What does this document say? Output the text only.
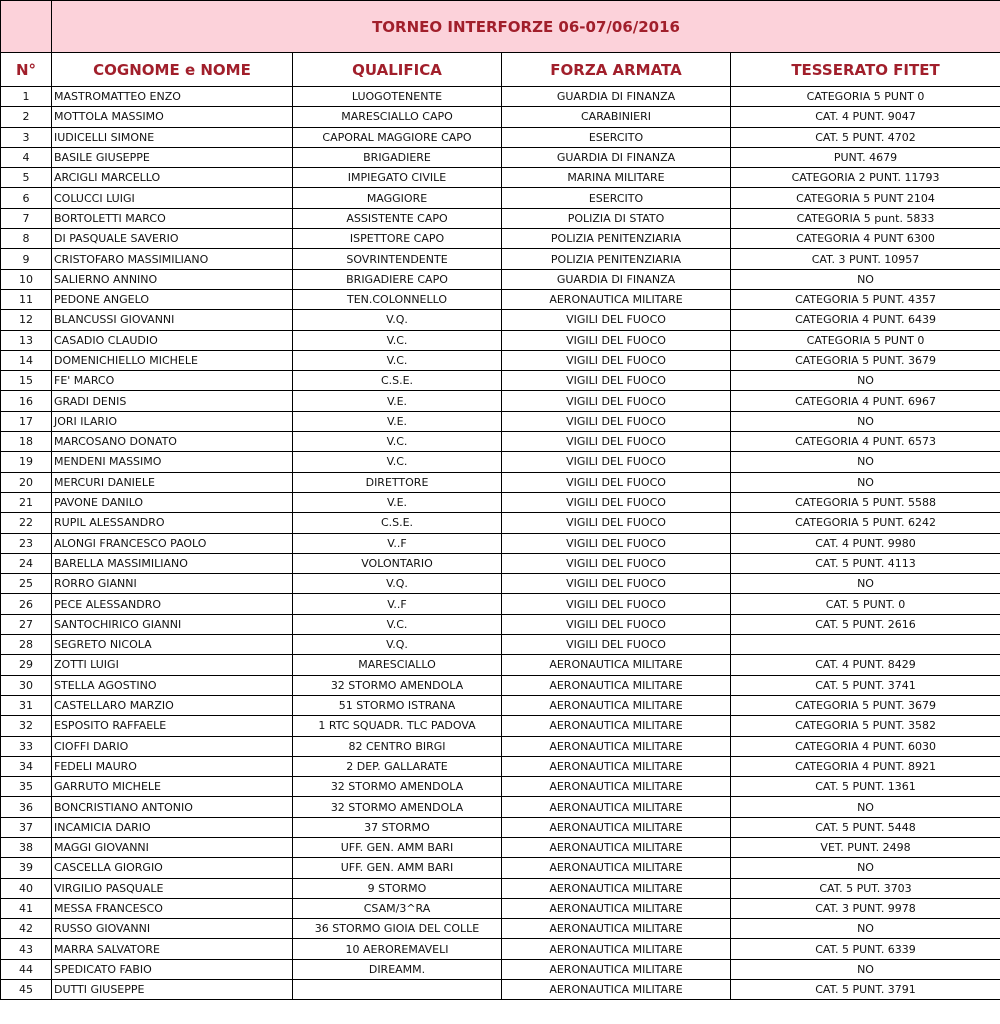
	TORNEO INTERFORZE 06-07/06/2016			
N°	COGNOME e NOME	QUALIFICA	FORZA ARMATA	TESSERATO FITET
1	MASTROMATTEO ENZO	LUOGOTENENTE	GUARDIA DI FINANZA	CATEGORIA 5 PUNT 0
2	MOTTOLA MASSIMO	MARESCIALLO CAPO	CARABINIERI	CAT. 4 PUNT. 9047
3	IUDICELLI SIMONE	CAPORAL MAGGIORE CAPO	ESERCITO	CAT. 5 PUNT. 4702
4	BASILE GIUSEPPE	BRIGADIERE	GUARDIA DI FINANZA	PUNT. 4679
5	ARCIGLI MARCELLO	IMPIEGATO CIVILE	MARINA MILITARE	CATEGORIA 2 PUNT. 11793
6	COLUCCI LUIGI	MAGGIORE	ESERCITO	CATEGORIA 5 PUNT 2104
7	BORTOLETTI MARCO	ASSISTENTE CAPO	POLIZIA DI STATO	CATEGORIA 5 punt. 5833
8	DI PASQUALE SAVERIO	ISPETTORE CAPO	POLIZIA PENITENZIARIA	CATEGORIA 4 PUNT 6300
9	CRISTOFARO MASSIMILIANO	SOVRINTENDENTE	POLIZIA PENITENZIARIA	CAT. 3 PUNT. 10957
10	SALIERNO ANNINO	BRIGADIERE CAPO	GUARDIA DI FINANZA	NO
11	PEDONE ANGELO	TEN.COLONNELLO	AERONAUTICA MILITARE	CATEGORIA 5 PUNT. 4357
12	BLANCUSSI GIOVANNI	V.Q.	VIGILI DEL FUOCO	CATEGORIA 4 PUNT. 6439
13	CASADIO CLAUDIO	V.C.	VIGILI DEL FUOCO	CATEGORIA 5 PUNT 0
14	DOMENICHIELLO MICHELE	V.C.	VIGILI DEL FUOCO	CATEGORIA 5 PUNT. 3679
15	FE' MARCO	C.S.E.	VIGILI DEL FUOCO	NO
16	GRADI DENIS	V.E.	VIGILI DEL FUOCO	CATEGORIA 4 PUNT. 6967
17	JORI ILARIO	V.E.	VIGILI DEL FUOCO	NO
18	MARCOSANO DONATO	V.C.	VIGILI DEL FUOCO	CATEGORIA 4 PUNT. 6573
19	MENDENI MASSIMO	V.C.	VIGILI DEL FUOCO	NO
20	MERCURI DANIELE	DIRETTORE	VIGILI DEL FUOCO	NO
21	PAVONE DANILO	V.E.	VIGILI DEL FUOCO	CATEGORIA 5 PUNT. 5588
22	RUPIL ALESSANDRO	C.S.E.	VIGILI DEL FUOCO	CATEGORIA 5 PUNT. 6242
23	ALONGI FRANCESCO PAOLO	V..F	VIGILI DEL FUOCO	CAT. 4 PUNT. 9980
24	BARELLA MASSIMILIANO	VOLONTARIO	VIGILI DEL FUOCO	CAT. 5 PUNT. 4113
25	RORRO GIANNI	V.Q.	VIGILI DEL FUOCO	NO
26	PECE ALESSANDRO	V..F	VIGILI DEL FUOCO	CAT. 5 PUNT. 0
27	SANTOCHIRICO GIANNI	V.C.	VIGILI DEL FUOCO	CAT. 5 PUNT. 2616
28	SEGRETO NICOLA	V.Q.	VIGILI DEL FUOCO	
29	ZOTTI LUIGI	MARESCIALLO	AERONAUTICA MILITARE	CAT. 4 PUNT. 8429
30	STELLA AGOSTINO	32 STORMO AMENDOLA	AERONAUTICA MILITARE	CAT. 5 PUNT. 3741
31	CASTELLARO MARZIO	51 STORMO ISTRANA	AERONAUTICA MILITARE	CATEGORIA 5 PUNT. 3679
32	ESPOSITO RAFFAELE	1 RTC SQUADR. TLC PADOVA	AERONAUTICA MILITARE	CATEGORIA 5 PUNT. 3582
33	CIOFFI DARIO	82 CENTRO BIRGI	AERONAUTICA MILITARE	CATEGORIA 4 PUNT. 6030
34	FEDELI MAURO	2 DEP. GALLARATE	AERONAUTICA MILITARE	CATEGORIA 4 PUNT. 8921
35	GARRUTO MICHELE	32 STORMO AMENDOLA	AERONAUTICA MILITARE	CAT. 5 PUNT. 1361
36	BONCRISTIANO ANTONIO	32 STORMO AMENDOLA	AERONAUTICA MILITARE	NO
37	INCAMICIA DARIO	37 STORMO	AERONAUTICA MILITARE	CAT. 5 PUNT. 5448
38	MAGGI GIOVANNI	UFF. GEN. AMM BARI	AERONAUTICA MILITARE	VET. PUNT. 2498
39	CASCELLA GIORGIO	UFF. GEN. AMM BARI	AERONAUTICA MILITARE	NO
40	VIRGILIO PASQUALE	9 STORMO	AERONAUTICA MILITARE	CAT. 5 PUT. 3703
41	MESSA FRANCESCO	CSAM/3^RA	AERONAUTICA MILITARE	CAT. 3 PUNT. 9978
42	RUSSO GIOVANNI	36 STORMO GIOIA DEL COLLE	AERONAUTICA MILITARE	NO
43	MARRA SALVATORE	10 AEROREMAVELI	AERONAUTICA MILITARE	CAT. 5 PUNT. 6339
44	SPEDICATO FABIO	DIREAMM.	AERONAUTICA MILITARE	NO
45	DUTTI GIUSEPPE		AERONAUTICA MILITARE	CAT. 5 PUNT. 3791
